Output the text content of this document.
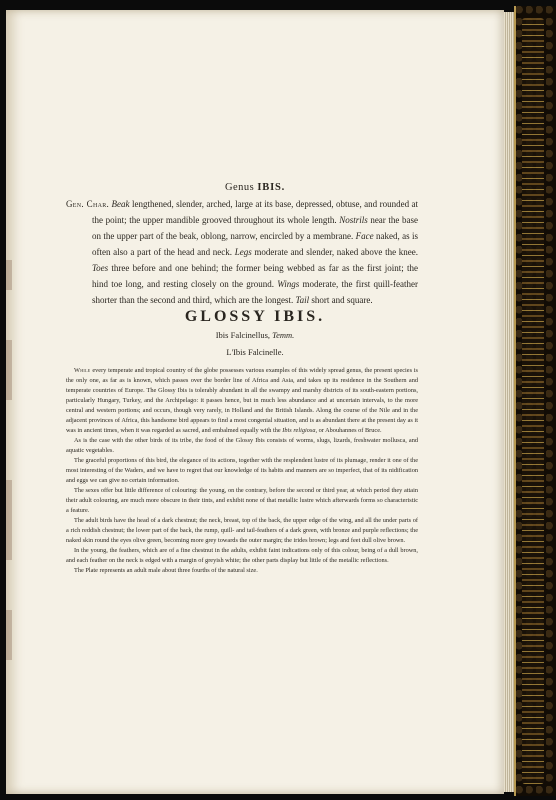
Genus IBIS.

Gen. Char. Beak lengthened, slender, arched, large at its base, depressed, obtuse, and rounded at the point; the upper mandible grooved throughout its whole length. Nostrils near the base on the upper part of the beak, oblong, narrow, encircled by a membrane. Face naked, as is often also a part of the head and neck. Legs moderate and slender, naked above the knee. Toes three before and one behind; the former being webbed as far as the first joint; the hind toe long, and resting closely on the ground. Wings moderate, the first quill-feather shorter than the second and third, which are the longest. Tail short and square.

GLOSSY IBIS.

Ibis Falcinellus, Temm.

L'Ibis Falcinelle.

While every temperate and tropical country of the globe possesses various examples of this widely spread genus, the present species is the only one, as far as is known, which passes over the border line of Africa and Asia, and takes up its residence in the Southern and temperate countries of Europe. The Glossy Ibis is tolerably abundant in all the swampy and marshy districts of its south-eastern portions, particularly Hungary, Turkey, and the Archipelago: it passes hence, but in much less abundance and at uncertain intervals, to the more central and western portions; and occurs, though very rarely, in Holland and the British Islands. Along the course of the Nile and in the adjacent provinces of Africa, this handsome bird appears to find a most congenial situation, and is as abundant there at the present day as it was in ancient times, when it was regarded as sacred, and embalmed equally with the Ibis religiosa, or Abouhannes of Bruce.

As is the case with the other birds of its tribe, the food of the Glossy Ibis consists of worms, slugs, lizards, freshwater mollusca, and aquatic vegetables.

The graceful proportions of this bird, the elegance of its actions, together with the resplendent lustre of its plumage, render it one of the most interesting of the Waders, and we have to regret that our knowledge of its habits and manners are so imperfect, that of its nidification and eggs we can give no certain information.

The sexes offer but little difference of colouring: the young, on the contrary, before the second or third year, at which period they attain their adult colouring, are much more obscure in their tints, and exhibit none of that metallic lustre which afterwards forms so characteristic a feature.

The adult birds have the head of a dark chestnut; the neck, breast, top of the back, the upper edge of the wing, and all the under parts of a rich reddish chestnut; the lower part of the back, the rump, quill- and tail-feathers of a dark green, with bronze and purple reflections; the naked skin round the eyes olive green, becoming more grey towards the outer margin; the irides brown; legs and feet dull olive brown.

In the young, the feathers, which are of a fine chestnut in the adults, exhibit faint indications only of this colour, being of a dull brown, and each feather on the neck is edged with a margin of greyish white; the other parts display but little of the metallic reflections.

The Plate represents an adult male about three fourths of the natural size.
